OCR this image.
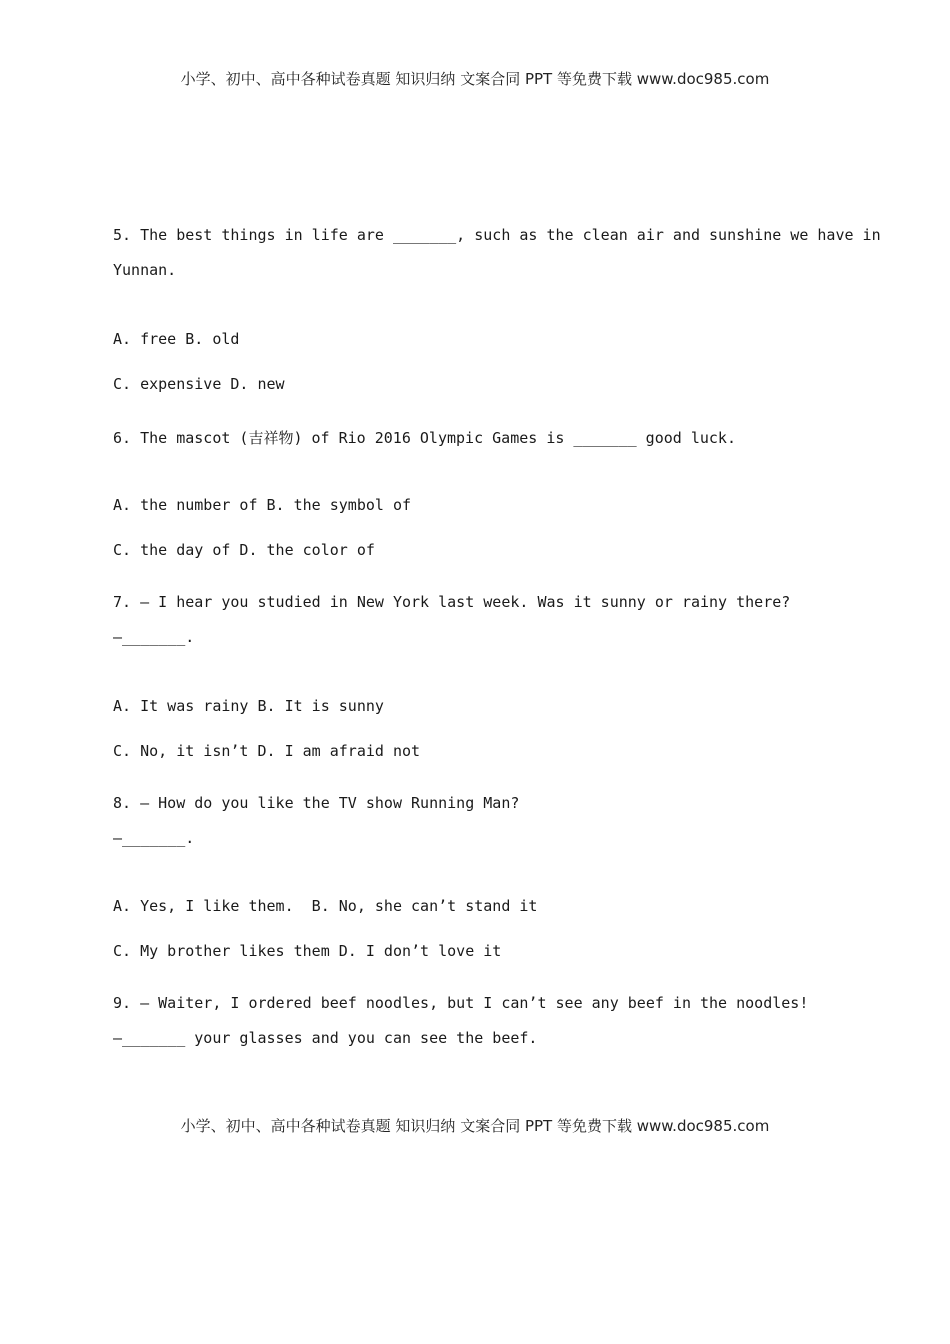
小学、初中、高中各种试卷真题 知识归纳 文案合同 PPT 等免费下载 www.doc985.com
5. The best things in life are _______, such as the clean air and sunshine we have in
Yunnan.
A. free B. old
C. expensive D. new
6. The mascot (吉祥物) of Rio 2016 Olympic Games is _______ good luck.
A. the number of B. the symbol of
C. the day of D. the color of
7. — I hear you studied in New York last week. Was it sunny or rainy there?
—_______.
A. It was rainy B. It is sunny
C. No, it isn’t D. I am afraid not
8. — How do you like the TV show Running Man?
—_______.
A. Yes, I like them.  B. No, she can’t stand it
C. My brother likes them D. I don’t love it
9. — Waiter, I ordered beef noodles, but I can’t see any beef in the noodles!
—_______ your glasses and you can see the beef.
小学、初中、高中各种试卷真题 知识归纳 文案合同 PPT 等免费下载 www.doc985.com
